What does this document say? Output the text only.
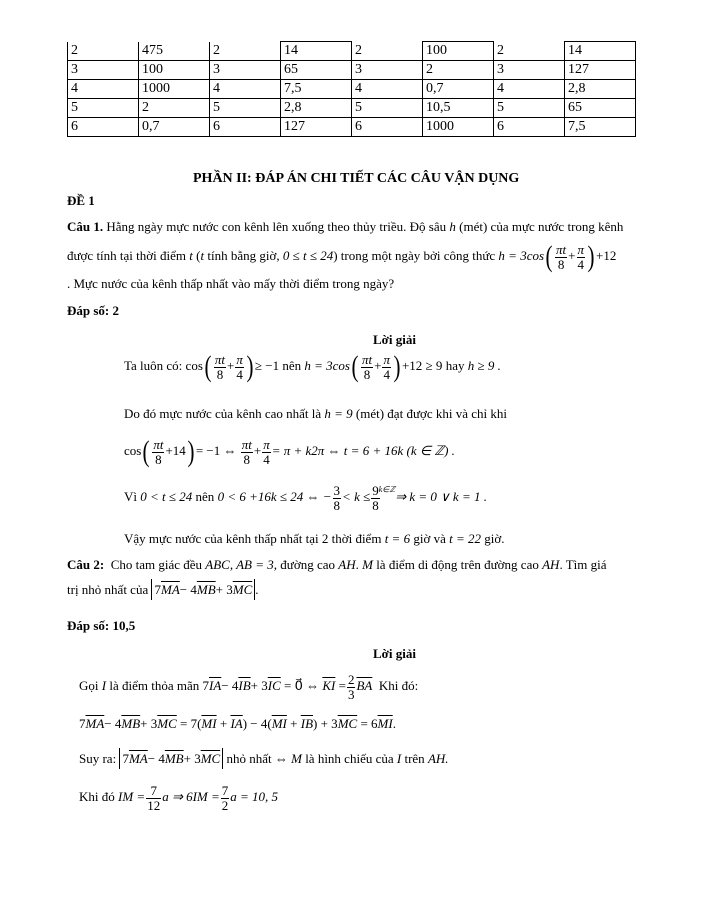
2	475	2	14	2	100	2	14
3	100	3	65	3	2	3	127
4	1000	4	7,5	4	0,7	4	2,8
5	2	5	2,8	5	10,5	5	65
6	0,7	6	127	6	1000	6	7,5
PHẦN II: ĐÁP ÁN CHI TIẾT CÁC CÂU VẬN DỤNG
ĐỀ 1
Câu 1. Hằng ngày mực nước con kênh lên xuống theo thủy triều. Độ sâu h (mét) của mực nước trong kênh
được tính tại thời điểm t (t tính bằng giờ, 0 ≤ t ≤ 24) trong một ngày bởi công thức $h = 3\cos( \frac{\pi t}{8} + \frac{\pi}{4}$ ) +12
. Mực nước của kênh thấp nhất vào mấy thời điểm trong ngày?
Đáp số: 2
Lời giải
Ta luôn có: $\cos( \frac{\pi t}{8} + \frac{\pi}{4}$ ) ≥ −1 nên $h = 3\cos( \frac{\pi t}{8} + \frac{\pi}{4}$ ) +12 ≥ 9 hay h ≥ 9 .
Do đó mực nước của kênh cao nhất là h = 9 (mét) đạt được khi và chỉ khi
$\cos( \frac{\pi t}{8} +14) = -1$ ⇔ $\frac{\pi t}{8} + \frac{\pi}{4} = \pi + k2\pi$ ⇔ t = 6 + 16k (k ∈ ℤ) .
Vì 0 < t ≤ 24 nên 0 < 6 +16k ≤ 24 ⇔ − $\frac{3}{8} < k \le \frac{9}{8}$ $^{k\in ℤ}$⇒ k = 0 ∨ k = 1 .
Vậy mực nước của kênh thấp nhất tại 2 thời điểm t = 6 giờ và t = 22 giờ.
Câu 2: Cho tam giác đều ABC, AB = 3, đường cao AH. M là điểm di động trên đường cao AH. Tìm giá
trị nhỏ nhất của $7\overline{MA}- 4\overline{MB}+ 3\overline{MC}$ .
Đáp số: 10,5
Lời giải
Gọi I là điểm thỏa mãn $7\overline{IA}- 4\overline{IB}+ 3\overline{IC}$ = 0⃗ ⇔ $\overline{KI} = \frac{2}{3} \overline{BA}$ Khi đó:
$7\overline{MA}- 4\overline{MB}+ 3\overline{MC} = 7(\overline{MI} + \overline{IA}) - 4(\overline{MI} + \overline{IB}) + 3\overline{MC} = 6\overline{MI}$.
Suy ra: $7\overline{MA}- 4\overline{MB}+ 3\overline{MC}$ nhỏ nhất ⇔ M là hình chiếu của I trên AH.
Khi đó IM = $\frac{7}{12}$ a ⇒ $6IM = \frac{7}{2}$ a = 10, 5
